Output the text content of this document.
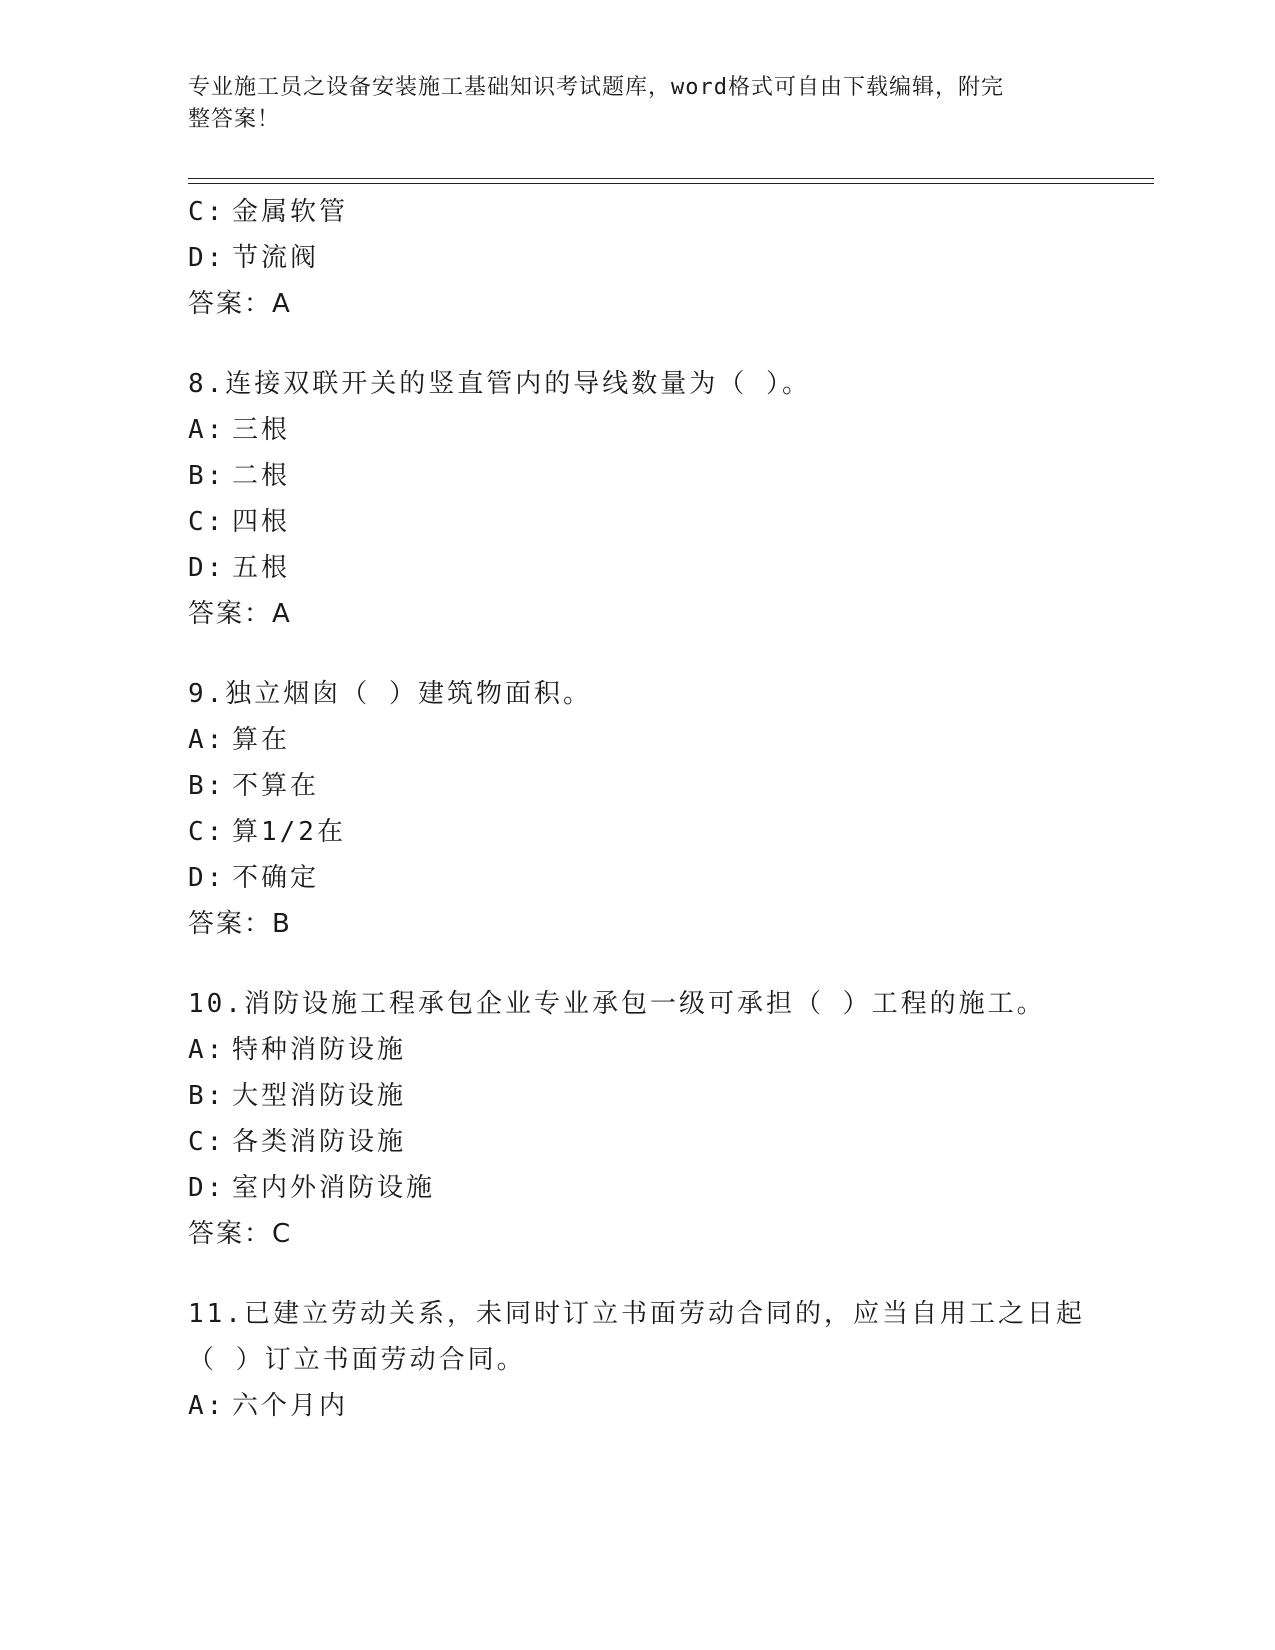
专业施工员之设备安装施工基础知识考试题库，word格式可自由下载编辑，附完
整答案！
C: 金属软管
D: 节流阀
答案：A
8.连接双联开关的竖直管内的导线数量为（ ）。
A: 三根
B: 二根
C: 四根
D: 五根
答案：A
9.独立烟囱（ ）建筑物面积。
A: 算在
B: 不算在
C: 算1/2在
D: 不确定
答案：B
10.消防设施工程承包企业专业承包一级可承担（ ）工程的施工。
A: 特种消防设施
B: 大型消防设施
C: 各类消防设施
D: 室内外消防设施
答案：C
11.已建立劳动关系，未同时订立书面劳动合同的，应当自用工之日起
（ ）订立书面劳动合同。
A: 六个月内
